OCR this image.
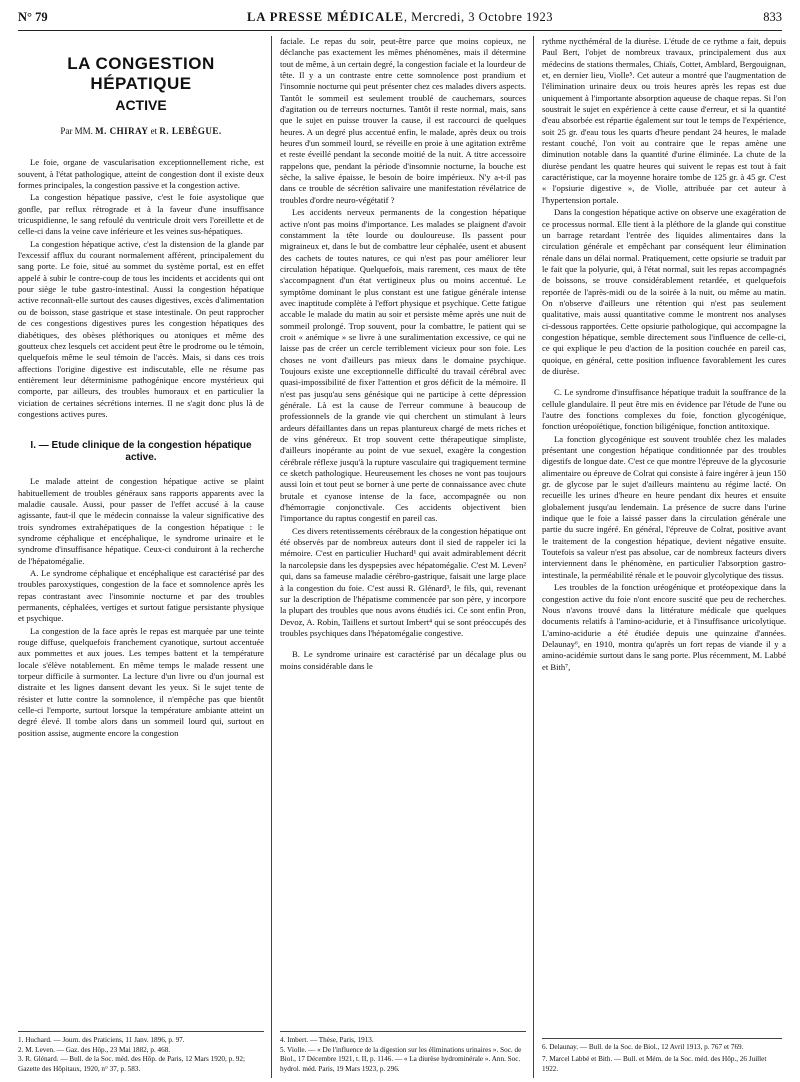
N° 79	LA PRESSE MÉDICALE, Mercredi, 3 Octobre 1923	833
LA CONGESTION HÉPATIQUE
ACTIVE
Par MM. M. CHIRAY et R. LEBÈGUE.

Le foie, organe de vascularisation exceptionnellement riche, est souvent, à l'état pathologique, atteint de congestion dont il existe deux formes principales, la congestion passive et la congestion active.

La congestion hépatique passive, c'est le foie asystolique que gonfle, par reflux rétrograde et à la faveur d'une insuffisance tricuspidienne, le sang refoulé du ventricule droit vers l'oreillette et de celle-ci dans la veine cave inférieure et les veines sus-hépatiques.

La congestion hépatique active, c'est la distension de la glande par l'excessif afflux du courant normalement afférent, principalement du sang porte. Le foie, situé au sommet du système portal, est en effet appelé à subir le contre-coup de tous les incidents et accidents qui ont pour siège le tube gastro-intestinal. Aussi la congestion hépatique active reconnaît-elle surtout des causes digestives, excès d'alimentation ou de boisson, stase gastrique et stase intestinale. On peut rapprocher de ces congestions digestives pures les congestion hépatiques des diabétiques, des obèses pléthoriques ou atoniques et même des goutteux chez lesquels cet accident peut être le prodrome ou le témoin, quelquefois même le seul témoin de l'accès. Mais, si dans ces trois affections l'origine digestive est indiscutable, elle ne résume pas entièrement leur déterminisme pathogénique encore mystérieux qui comporte, par ailleurs, des troubles humoraux et en particulier la viciation de certaines sécrétions internes. Il ne s'agit donc plus là de congestions actives pures.

I. — Etude clinique de la congestion hépatique active.

Le malade atteint de congestion hépatique active se plaint habituellement de troubles généraux sans rapports apparents avec la maladie causale. Aussi, pour passer de l'effet accusé à la cause agissante, faut-il que le médecin connaisse la valeur significative des trois syndromes extrahépatiques de la congestion hépatique : le syndrome céphalique et encéphalique, le syndrome urinaire et le syndrome d'insuffisance hépatique. Ceux-ci conduiront à la recherche de l'hépatomégalie.

A. Le syndrome céphalique et encéphalique est caractérisé par des troubles paroxystiques, congestion de la face et somnolence après les repas contrastant avec l'insomnie nocturne et par des troubles permanents, céphalées, vertiges et surtout fatigue persistante physique et psychique.

La congestion de la face après le repas est marquée par une teinte rouge diffuse, quelquefois franchement cyanotique, surtout accentuée aux pommettes et aux joues. Les tempes battent et la température locale s'élève notablement. En même temps le malade ressent une torpeur difficile à surmonter. La lecture d'un livre ou d'un journal est distraite et les lignes dansent devant les yeux. Si le sujet tente de résister et lutte contre la somnolence, il n'empêche pas que bientôt celle-ci l'emporte, surtout lorsque la température ambiante atteint un degré élevé. Il tombe alors dans un sommeil lourd qui, surtout en position assise, augmente encore la congestion

faciale. Le repas du soir, peut-être parce que moins copieux, ne déclanche pas exactement les mêmes phénomènes, mais il détermine tout de même, à un certain degré, la congestion faciale et la lourdeur de tête. Il y a un contraste entre cette somnolence post prandium et l'insomnie nocturne qui peut présenter chez ces malades divers aspects. Tantôt le sommeil est seulement troublé de cauchemars, sources d'agitation ou de terreurs nocturnes. Tantôt il reste normal, mais, sans que le sujet en puisse trouver la cause, il est raccourci de quelques heures. A un degré plus accentué enfin, le malade, après deux ou trois heures d'un sommeil lourd, se réveille en proie à une agitation extrême et reste éveillé pendant la seconde moitié de la nuit. A titre accessoire rappelons que, pendant la période d'insomnie nocturne, la bouche est sèche, la salive épaisse, le besoin de boire impérieux. N'y a-t-il pas dans ce trouble de sécrétion salivaire une manifestation révélatrice de troubles d'ordre neuro-végétatif ?

Les accidents nerveux permanents de la congestion hépatique active n'ont pas moins d'importance. Les malades se plaignent d'avoir constamment la tête lourde ou douloureuse. Ils passent pour migraineux et, dans le but de combattre leur céphalée, usent et abusent des cachets de toutes natures, ce qui n'est pas pour améliorer leur circulation hépatique. Quelquefois, mais rarement, ces maux de tête s'accompagnent d'un état vertigineux plus ou moins accentué. Le symptôme dominant le plus constant est une fatigue générale intense avec inaptitude complète à l'effort physique et psychique. Cette fatigue accable le malade du matin au soir et persiste même après une nuit de sommeil prolongé. Trop souvent, pour la combattre, le patient qui se croit « anémique » se livre à une suralimentation excessive, ce qui ne laisse pas de créer un cercle terriblement vicieux pour son foie. Les choses ne vont d'ailleurs pas mieux dans le domaine psychique. Toujours existe une exceptionnelle difficulté du travail cérébral avec quasi-impossibilité de fixer l'attention et gros déficit de la mémoire. Il n'est pas jusqu'au sens génésique qui ne participe à cette dépression générale. Là est la cause de l'erreur commune à beaucoup de professionnels de la grande vie qui cherchent un stimulant à leurs ardeurs défaillantes dans un repas plantureux chargé de mets riches et de vins généreux. Et trop souvent cette thérapeutique simpliste, d'ailleurs inopérante au point de vue sexuel, exagère la congestion cérébrale réflexe jusqu'à la rupture vasculaire qui tragiquement termine ce sketch pathologique. Heureusement les choses ne vont pas toujours aussi loin et tout peut se borner à une perte de connaissance avec chute brutale et cyanose intense de la face, accompagnée ou non d'hémorragie conjonctivale. Ces accidents objectivent bien l'importance du raptus congestif en pareil cas.

Ces divers retentissements cérébraux de la congestion hépatique ont été observés par de nombreux auteurs dont il sied de rappeler ici la mémoire. C'est en particulier Huchard¹ qui avait admirablement décrit la narcolepsie dans les dyspepsies avec hépatomégalie. C'est M. Leven² qui, dans sa fameuse maladie cérébro-gastrique, faisait une large place à la congestion du foie. C'est aussi R. Glénard³, le fils, qui, revenant sur la description de l'hépatisme commencée par son père, y incorpore la plupart des troubles que nous avons étudiés ici. Ce sont enfin Pron, Devoz, A. Robin, Taillens et surtout Imbert⁴ qui se sont préoccupés des troubles psychiques dans l'hépatomégalie congestive.

B. Le syndrome urinaire est caractérisé par un décalage plus ou moins considérable dans le

rythme nycthéméral de la diurèse. L'étude de ce rythme a fait, depuis Paul Bert, l'objet de nombreux travaux, principalement dus aux médecins de stations thermales, Chiaïs, Cottet, Amblard, Bergouignan, et, en dernier lieu, Violle⁵. Cet auteur a montré que l'augmentation de l'élimination urinaire deux ou trois heures après les repas est due uniquement à l'importante absorption aqueuse de chaque repas. Si l'on soustrait le sujet en expérience à cette cause d'erreur, et si la quantité d'eau absorbée est répartie également sur tout le temps de l'expérience, soit 25 gr. d'eau tous les quarts d'heure pendant 24 heures, le malade restant couché, l'on voit au contraire que le repas amène une diminution notable dans la quantité d'urine éliminée. La chute de la diurèse pendant les quatre heures qui suivent le repas est tout à fait caractéristique, car la moyenne horaire tombe de 125 gr. à 45 gr. C'est « l'opsiurie digestive », de Violle, attribuée par cet auteur à l'hypertension portale.

Dans la congestion hépatique active on observe une exagération de ce processus normal. Elle tient à la pléthore de la glande qui constitue un barrage retardant l'entrée des liquides alimentaires dans la circulation générale et empêchant par conséquent leur élimination rénale dans un délai normal. Pratiquement, cette opsiurie se traduit par le fait que la polyurie, qui, à l'état normal, suit les repas accompagnés de boissons, se trouve considérablement retardée, et quelquefois reportée de l'après-midi ou de la soirée à la nuit, ou même au matin. On n'observe d'ailleurs une rétention qui n'est pas seulement qualitative, mais aussi quantitative comme le montrent nos analyses ci-dessous rapportées. Cette opsiurie pathologique, qui accompagne la congestion hépatique, semble directement sous l'influence de celle-ci, ce qui explique le peu d'action de la position couchée en pareil cas, quoique, en général, cette position influence favorablement les cures de diurèse.

C. Le syndrome d'insuffisance hépatique traduit la souffrance de la cellule glandulaire. Il peut être mis en évidence par l'étude de l'une ou l'autre des fonctions complexes du foie, fonction glycogénique, fonction uréopoïétique, fonction biligénique, fonction antitoxique.

La fonction glycogénique est souvent troublée chez les malades présentant une congestion hépatique conditionnée par des troubles digestifs de longue date. C'est ce que montre l'épreuve de la glycosurie alimentaire ou épreuve de Colrat qui consiste à faire ingérer à jeun 150 gr. de glycose par le sujet d'ailleurs maintenu au régime lacté. On recueille les urines d'heure en heure pendant dix heures et ensuite globalement jusqu'au lendemain. La présence de sucre dans l'urine indique que le foie a laissé passer dans la circulation générale une partie du sucre ingéré. En général, l'épreuve de Colrat, positive avant le traitement de la congestion hépatique, devient négative ensuite. Toutefois sa valeur n'est pas absolue, car de nombreux facteurs divers interviennent dans le phénomène, en particulier l'absorption gastro-intestinale, la perméabilité rénale et le pouvoir glycolytique des tissus.

Les troubles de la fonction uréogénique et protéopexique dans la congestion active du foie n'ont encore suscité que peu de recherches. Nous n'avons trouvé dans la littérature médicale que quelques documents relatifs à l'amino-acidurie, et à l'insuffisance uricolytique. L'amino-acidurie a été étudiée depuis une quinzaine d'années. Delaunay⁶, en 1910, montra qu'après un fort repas de viande il y a amino-acidémie surtout dans le sang porte. Plus récemment, M. Labbé et Bith⁷,

1. Huchard. — Journ. des Praticiens, 11 Janv. 1896, p. 97.
2. M. Leven. — Gaz. des Hôp., 23 Mai 1882, p. 468.
3. R. Glénard. — Bull. de la Soc. méd. des Hôp. de Paris, 12 Mars 1920, p. 92; Gazette des Hôpitaux, 1920, n° 37, p. 583.
4. Imbert. — Thèse, Paris, 1913.
5. Violle. — « De l'influence de la digestion sur les éliminations urinaires ». Soc. de Biol., 17 Décembre 1921, t. II, p. 1146. — « La diurèse hydrominérale ». Ann. Soc. hydrol. méd. Paris, 19 Mars 1923, p. 296.
6. Delaunay. — Bull. de la Soc. de Biol., 12 Avril 1913, p. 767 et 769.
7. Marcel Labbé et Bith. — Bull. et Mém. de la Soc. méd. des Hôp., 26 Juillet 1922.
